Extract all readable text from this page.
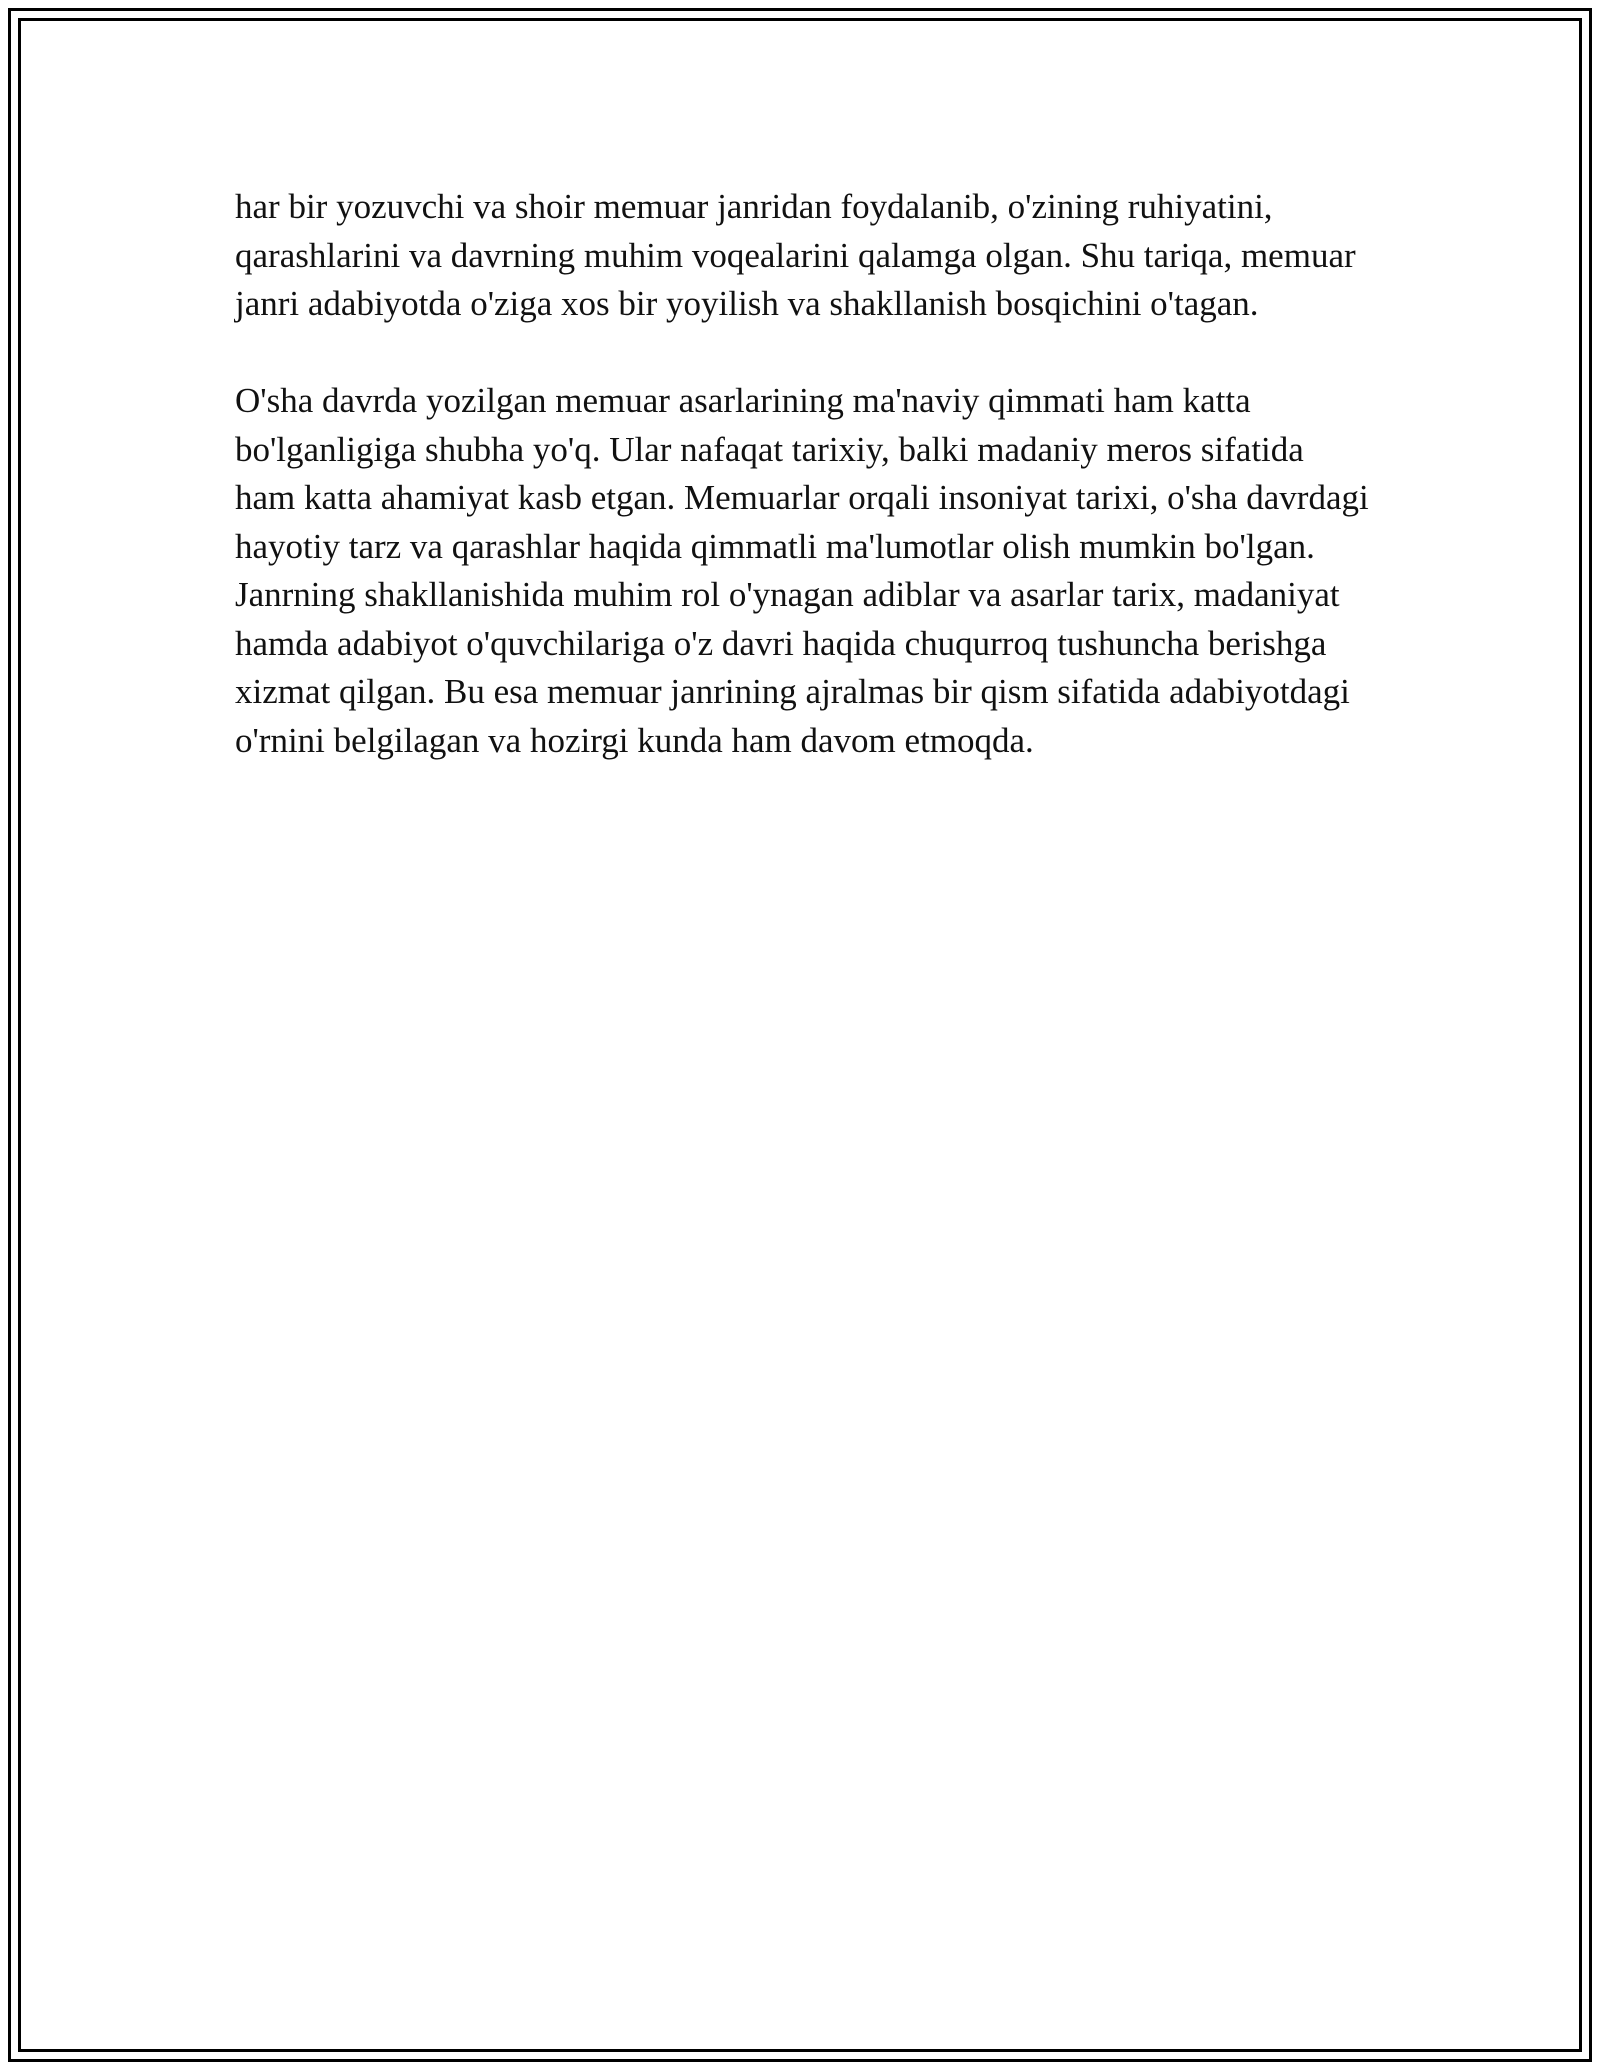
har bir yozuvchi va shoir memuar janridan foydalanib, o'zining ruhiyatini, qarashlarini va davrning muhim voqealarini qalamga olgan. Shu tariqa, memuar janri adabiyotda o'ziga xos bir yoyilish va shakllanish bosqichini o'tagan.

O'sha davrda yozilgan memuar asarlarining ma'naviy qimmati ham katta bo'lganligiga shubha yo'q. Ular nafaqat tarixiy, balki madaniy meros sifatida ham katta ahamiyat kasb etgan. Memuarlar orqali insoniyat tarixi, o'sha davrdagi hayotiy tarz va qarashlar haqida qimmatli ma'lumotlar olish mumkin bo'lgan. Janrning shakllanishida muhim rol o'ynagan adiblar va asarlar tarix, madaniyat hamda adabiyot o'quvchilariga o'z davri haqida chuqurroq tushuncha berishga xizmat qilgan. Bu esa memuar janrining ajralmas bir qism sifatida adabiyotdagi o'rnini belgilagan va hozirgi kunda ham davom etmoqda.
